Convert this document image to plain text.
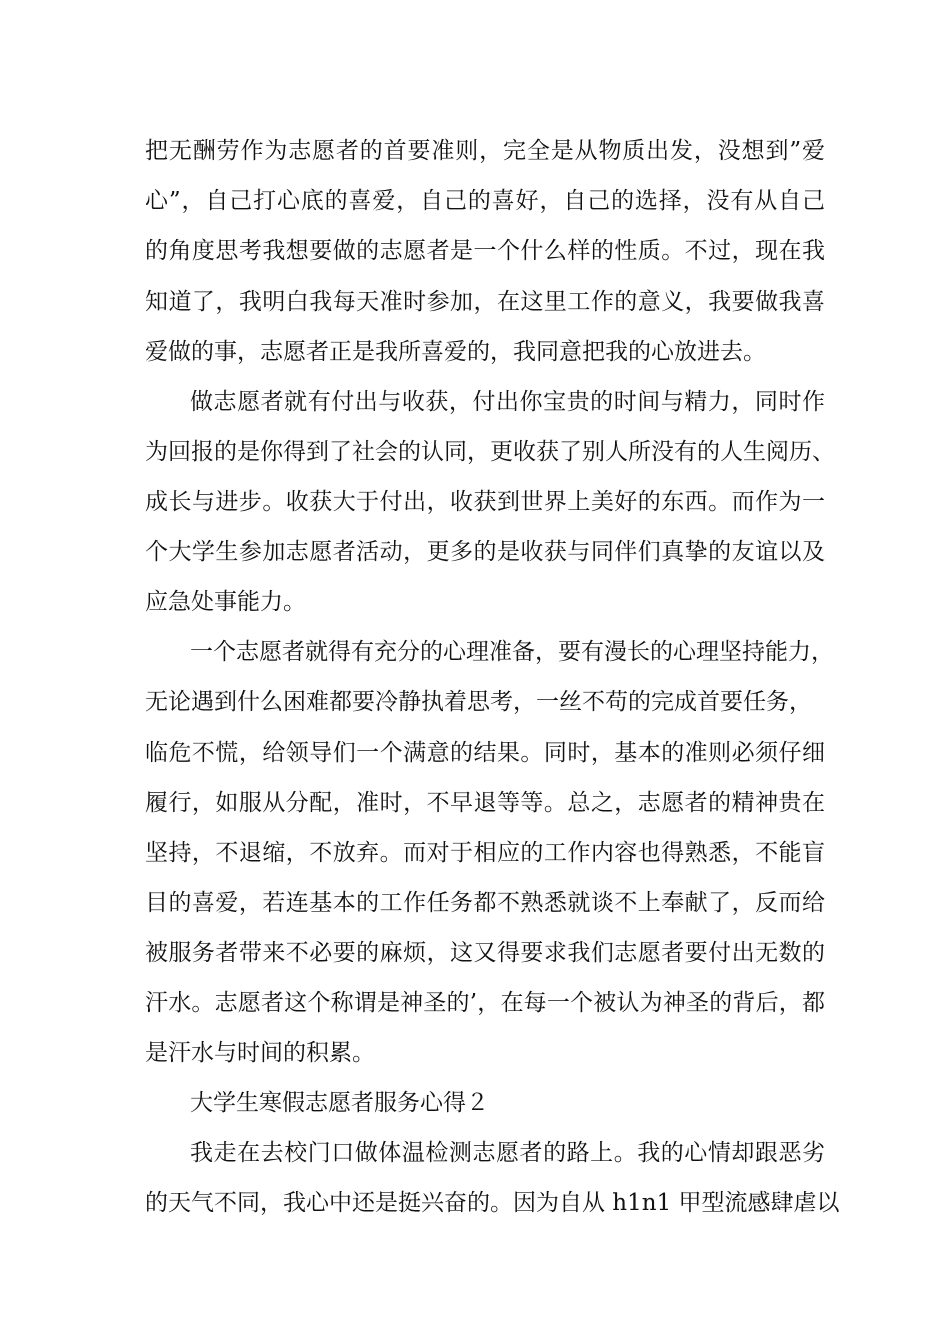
把无酬劳作为志愿者的首要准则，完全是从物质出发，没想到”爱
心”，自己打心底的喜爱，自己的喜好，自己的选择，没有从自己
的角度思考我想要做的志愿者是一个什么样的性质。不过，现在我
知道了，我明白我每天准时参加，在这里工作的意义，我要做我喜
爱做的事，志愿者正是我所喜爱的，我同意把我的心放进去。
做志愿者就有付出与收获，付出你宝贵的时间与精力，同时作
为回报的是你得到了社会的认同，更收获了别人所没有的人生阅历、
成长与进步。收获大于付出，收获到世界上美好的东西。而作为一
个大学生参加志愿者活动，更多的是收获与同伴们真挚的友谊以及
应急处事能力。
一个志愿者就得有充分的心理准备，要有漫长的心理坚持能力，
无论遇到什么困难都要冷静执着思考，一丝不苟的完成首要任务，
临危不慌，给领导们一个满意的结果。同时，基本的准则必须仔细
履行，如服从分配，准时，不早退等等。总之，志愿者的精神贵在
坚持，不退缩，不放弃。而对于相应的工作内容也得熟悉，不能盲
目的喜爱，若连基本的工作任务都不熟悉就谈不上奉献了，反而给
被服务者带来不必要的麻烦，这又得要求我们志愿者要付出无数的
汗水。志愿者这个称谓是神圣的’，在每一个被认为神圣的背后，都
是汗水与时间的积累。
大学生寒假志愿者服务心得２
我走在去校门口做体温检测志愿者的路上。我的心情却跟恶劣
的天气不同，我心中还是挺兴奋的。因为自从 h1n1 甲型流感肆虐以
